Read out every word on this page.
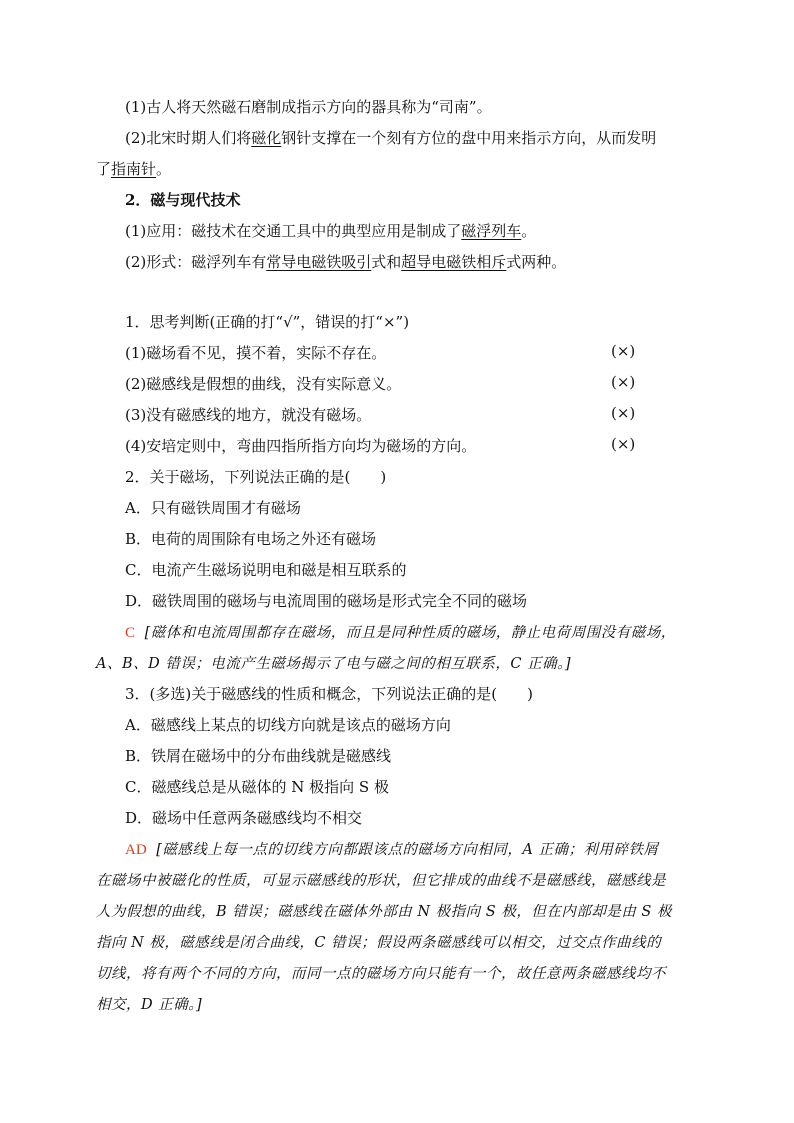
(1)古人将天然磁石磨制成指示方向的器具称为“司南”。
(2)北宋时期人们将磁化钢针支撑在一个刻有方位的盘中用来指示方向，从而发明
了指南针。
2．磁与现代技术
(1)应用：磁技术在交通工具中的典型应用是制成了磁浮列车。
(2)形式：磁浮列车有常导电磁铁吸引式和超导电磁铁相斥式两种。
1．思考判断(正确的打“√”，错误的打“×”)
(1)磁场看不见，摸不着，实际不存在。	(×)
(2)磁感线是假想的曲线，没有实际意义。	(×)
(3)没有磁感线的地方，就没有磁场。	(×)
(4)安培定则中，弯曲四指所指方向均为磁场的方向。	(×)
2．关于磁场，下列说法正确的是(　　)
A．只有磁铁周围才有磁场
B．电荷的周围除有电场之外还有磁场
C．电流产生磁场说明电和磁是相互联系的
D．磁铁周围的磁场与电流周围的磁场是形式完全不同的磁场
C [磁体和电流周围都存在磁场，而且是同种性质的磁场，静止电荷周围没有磁场，
A、B、D 错误；电流产生磁场揭示了电与磁之间的相互联系，C 正确。]
3．(多选)关于磁感线的性质和概念，下列说法正确的是(　　)
A．磁感线上某点的切线方向就是该点的磁场方向
B．铁屑在磁场中的分布曲线就是磁感线
C．磁感线总是从磁体的 N 极指向 S 极
D．磁场中任意两条磁感线均不相交
AD [磁感线上每一点的切线方向都跟该点的磁场方向相同，A 正确；利用碎铁屑
在磁场中被磁化的性质，可显示磁感线的形状，但它排成的曲线不是磁感线，磁感线是
人为假想的曲线，B 错误；磁感线在磁体外部由 N 极指向 S 极，但在内部却是由 S 极
指向 N 极，磁感线是闭合曲线，C 错误；假设两条磁感线可以相交，过交点作曲线的
切线，将有两个不同的方向，而同一点的磁场方向只能有一个，故任意两条磁感线均不
相交，D 正确。]
